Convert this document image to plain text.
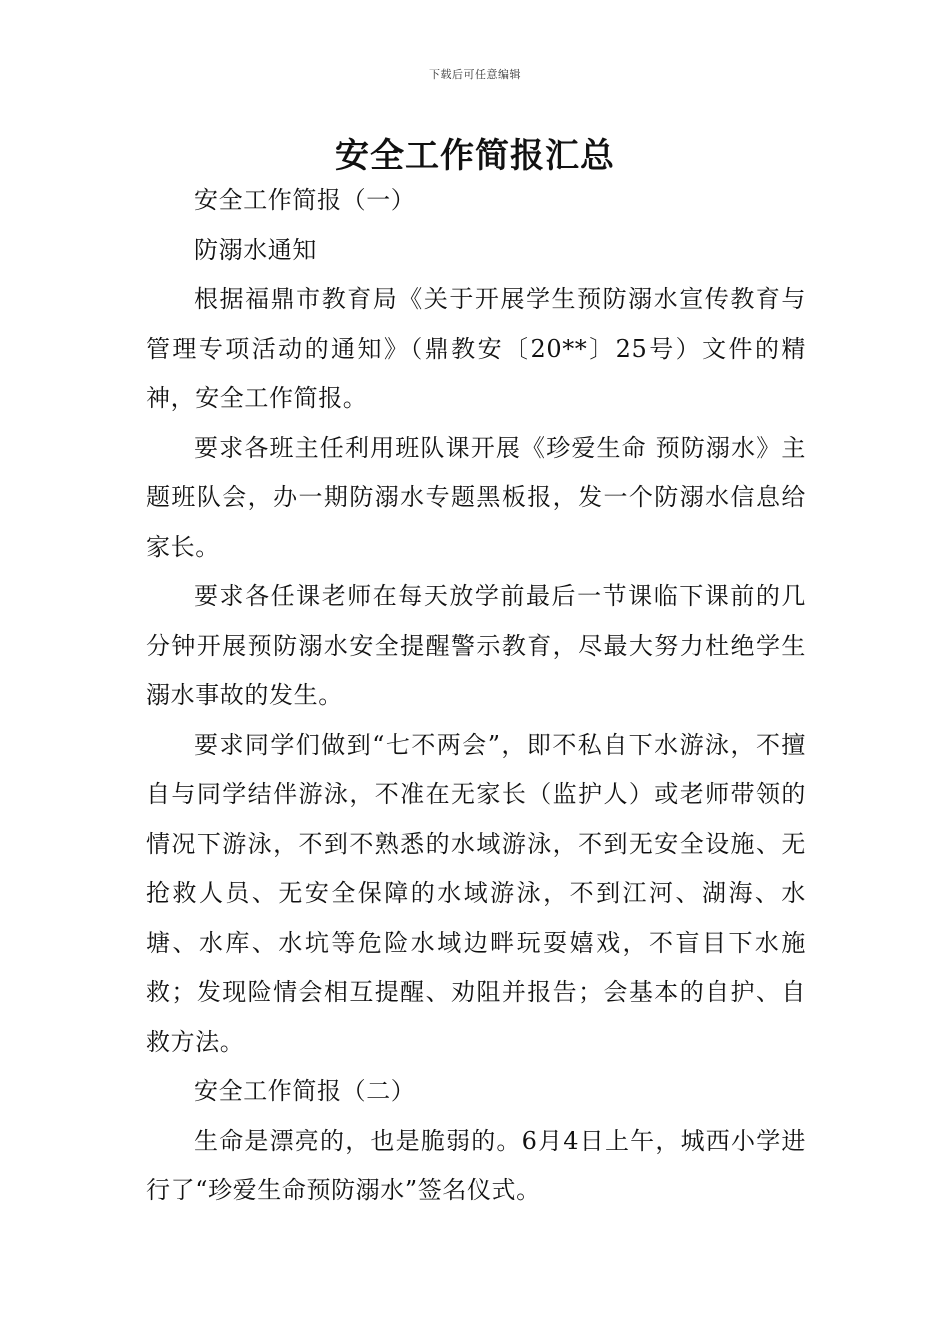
下载后可任意编辑
安全工作简报汇总

安全工作简报（一）

防溺水通知

根据福鼎市教育局《关于开展学生预防溺水宣传教育与管理专项活动的通知》（鼎教安〔20**〕25号）文件的精神，安全工作简报。

要求各班主任利用班队课开展《珍爱生命 预防溺水》主题班队会，办一期防溺水专题黑板报，发一个防溺水信息给家长。

要求各任课老师在每天放学前最后一节课临下课前的几分钟开展预防溺水安全提醒警示教育，尽最大努力杜绝学生溺水事故的发生。

要求同学们做到“七不两会”，即不私自下水游泳，不擅自与同学结伴游泳，不准在无家长（监护人）或老师带领的情况下游泳，不到不熟悉的水域游泳，不到无安全设施、无抢救人员、无安全保障的水域游泳，不到江河、湖海、水塘、水库、水坑等危险水域边畔玩耍嬉戏，不盲目下水施救；发现险情会相互提醒、劝阻并报告；会基本的自护、自救方法。

安全工作简报（二）

生命是漂亮的，也是脆弱的。6月4日上午，城西小学进行了“珍爱生命预防溺水”签名仪式。
